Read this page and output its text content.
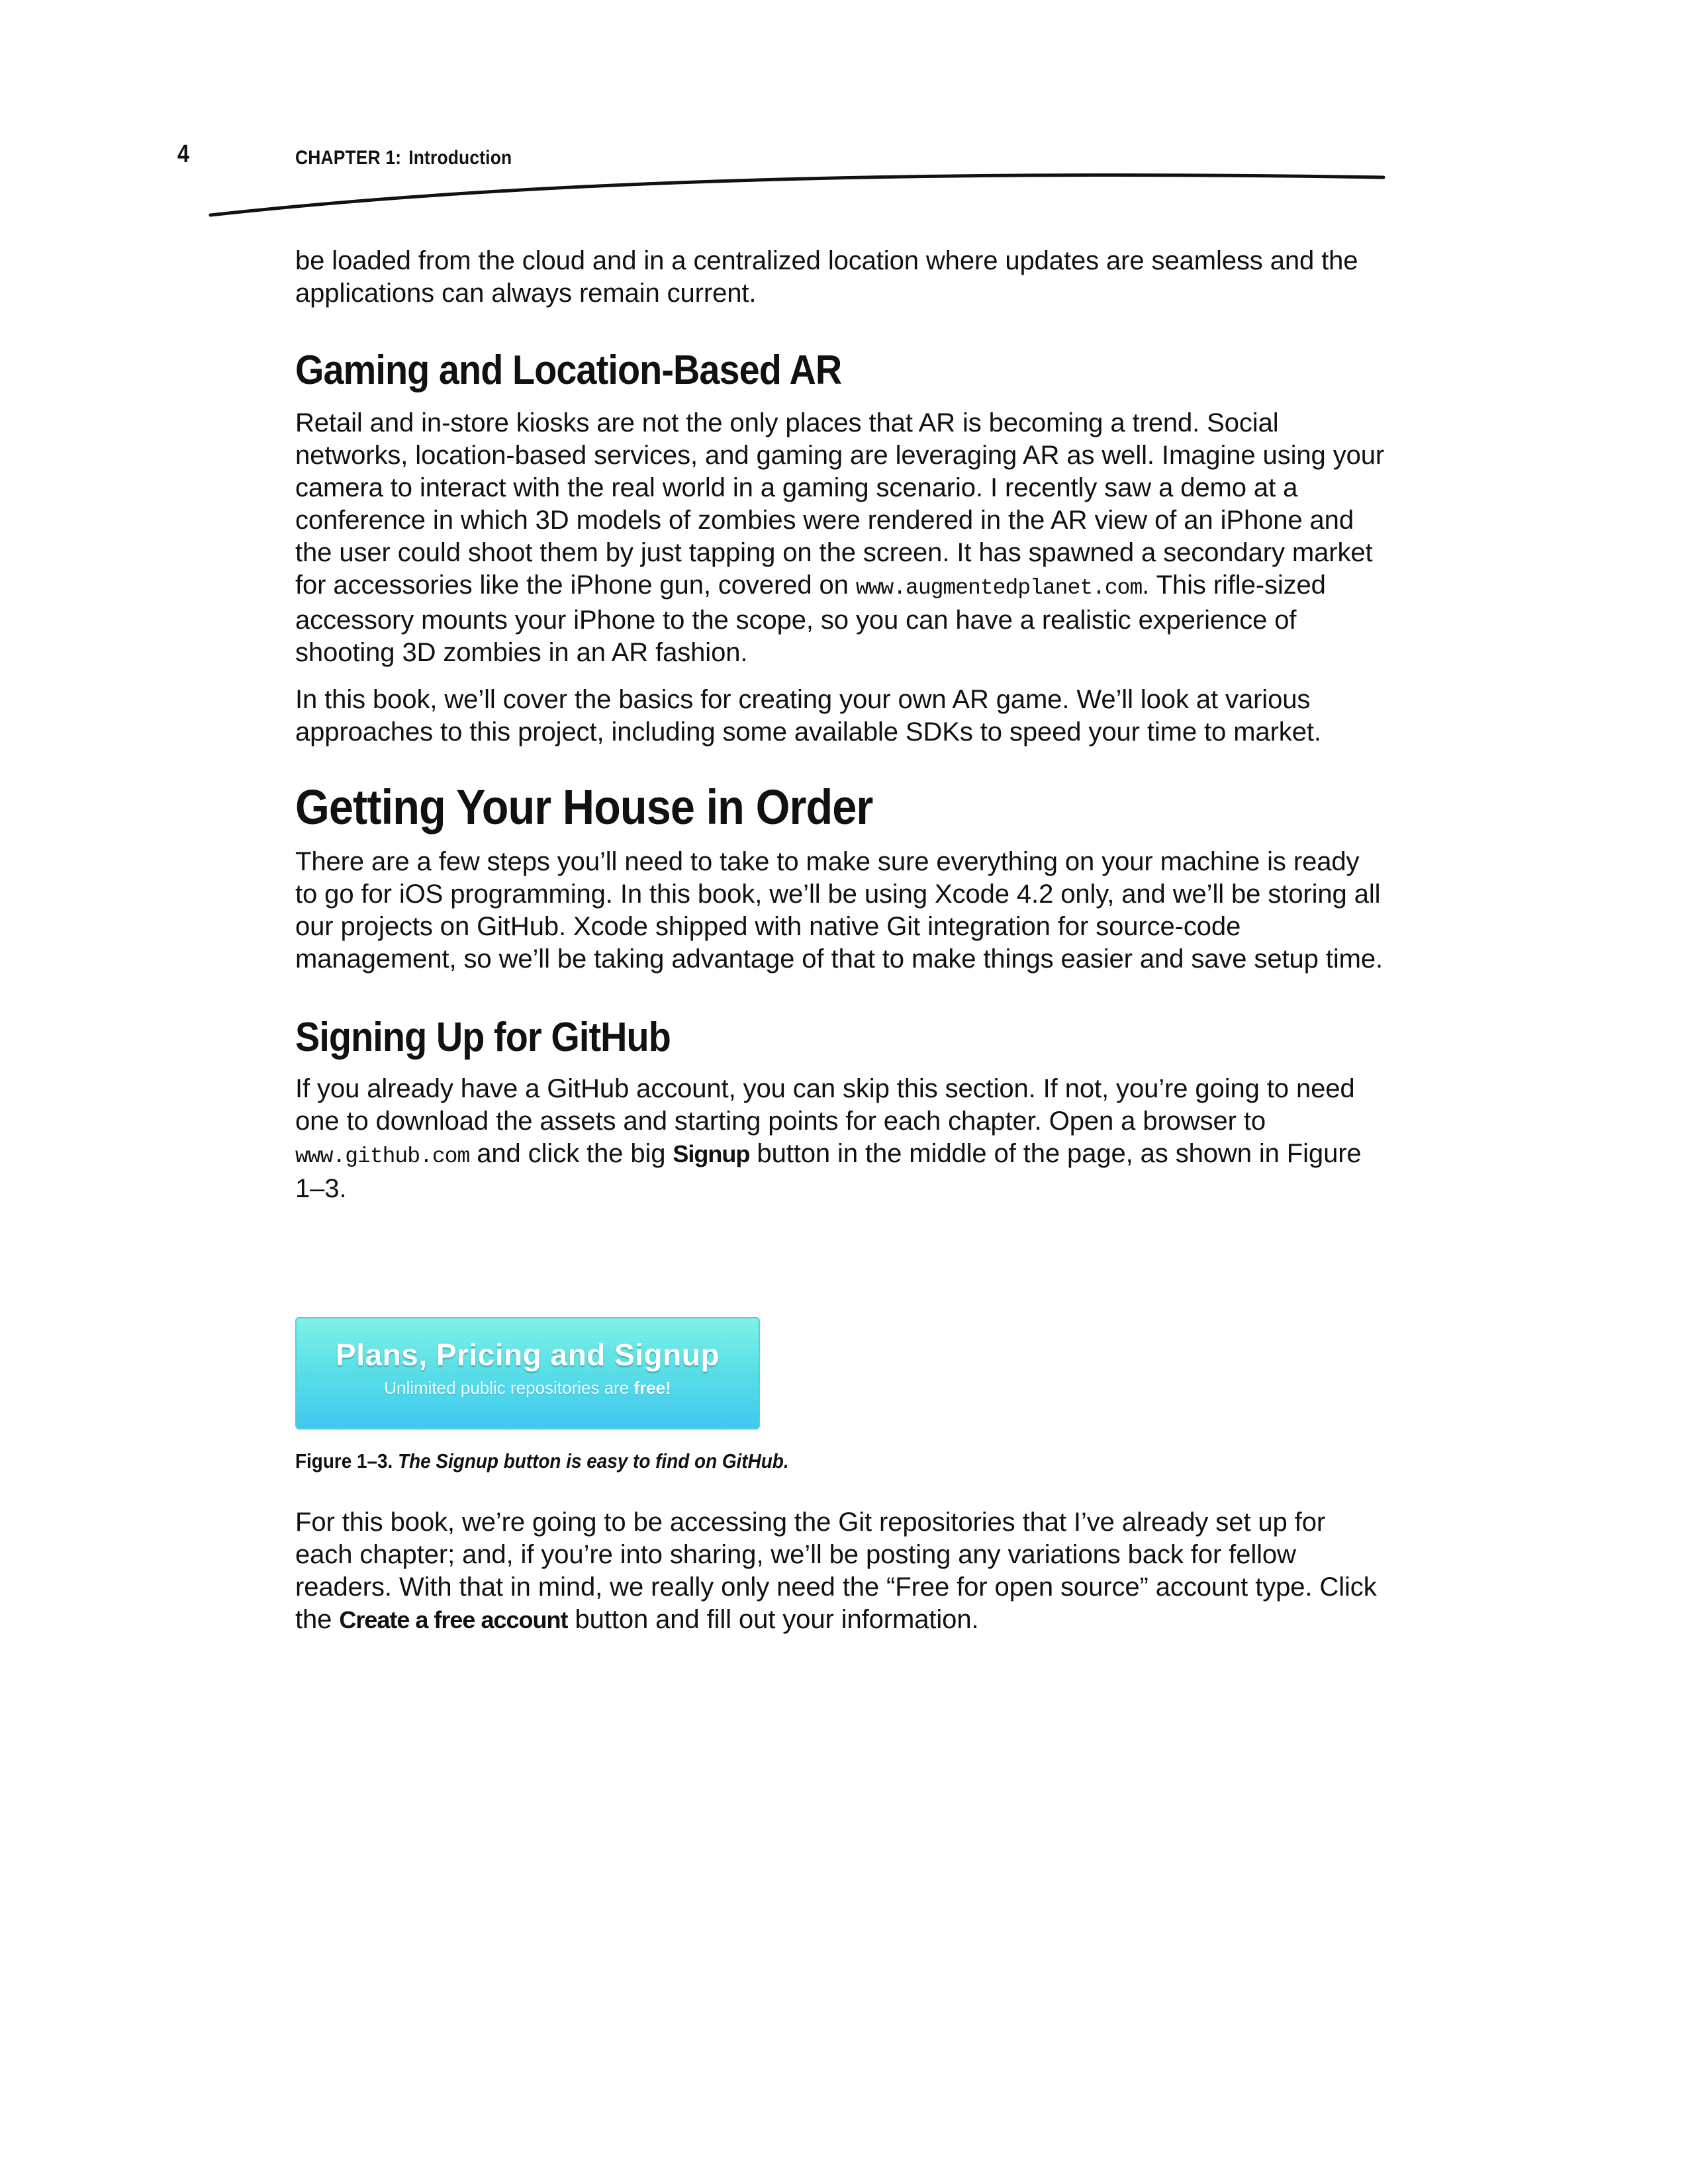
4	CHAPTER 1: Introduction

be loaded from the cloud and in a centralized location where updates are seamless and the applications can always remain current.

Gaming and Location-Based AR

Retail and in-store kiosks are not the only places that AR is becoming a trend. Social networks, location-based services, and gaming are leveraging AR as well. Imagine using your camera to interact with the real world in a gaming scenario. I recently saw a demo at a conference in which 3D models of zombies were rendered in the AR view of an iPhone and the user could shoot them by just tapping on the screen. It has spawned a secondary market for accessories like the iPhone gun, covered on www.augmentedplanet.com. This rifle-sized accessory mounts your iPhone to the scope, so you can have a realistic experience of shooting 3D zombies in an AR fashion.

In this book, we’ll cover the basics for creating your own AR game. We’ll look at various approaches to this project, including some available SDKs to speed your time to market.

Getting Your House in Order

There are a few steps you’ll need to take to make sure everything on your machine is ready to go for iOS programming. In this book, we’ll be using Xcode 4.2 only, and we’ll be storing all our projects on GitHub. Xcode shipped with native Git integration for source-code management, so we’ll be taking advantage of that to make things easier and save setup time.

Signing Up for GitHub

If you already have a GitHub account, you can skip this section. If not, you’re going to need one to download the assets and starting points for each chapter. Open a browser to www.github.com and click the big Signup button in the middle of the page, as shown in Figure 1–3.

Plans, Pricing and Signup
Unlimited public repositories are free!
Figure 1–3. The Signup button is easy to find on GitHub.

For this book, we’re going to be accessing the Git repositories that I’ve already set up for each chapter; and, if you’re into sharing, we’ll be posting any variations back for fellow readers. With that in mind, we really only need the “Free for open source” account type. Click the Create a free account button and fill out your information.
